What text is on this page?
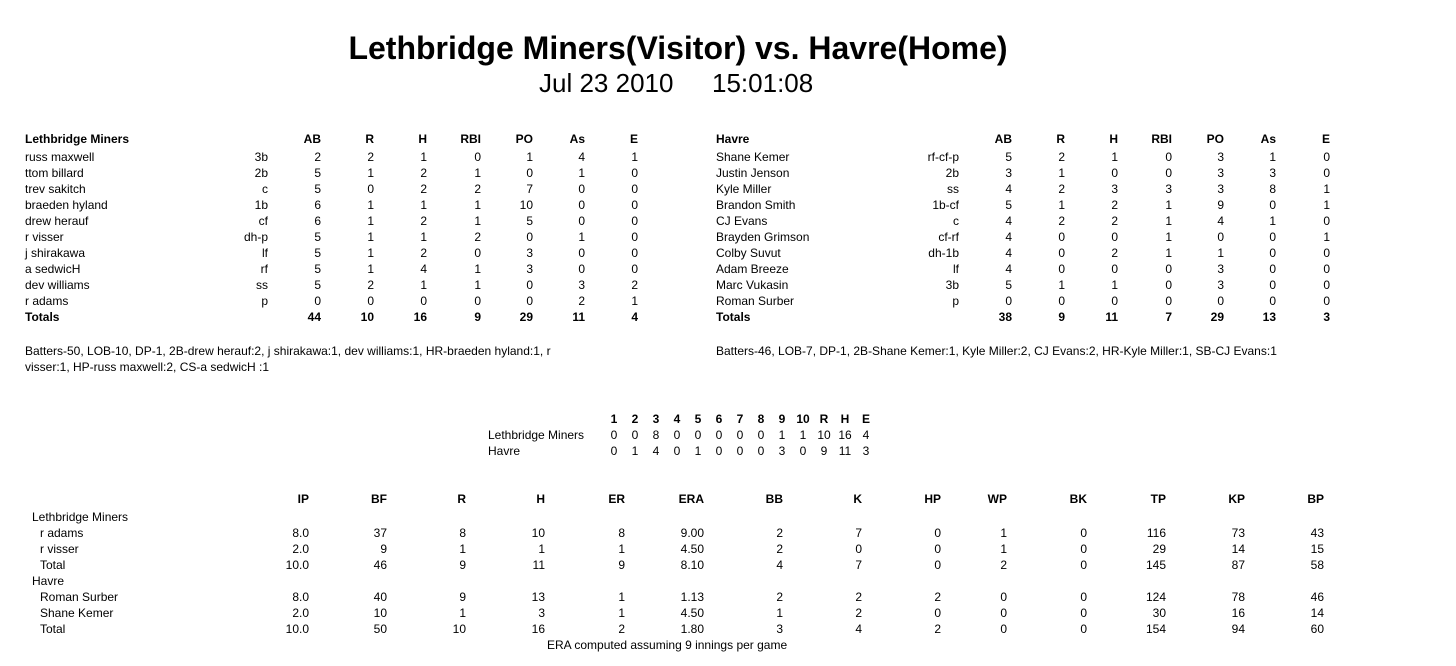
Lethbridge Miners(Visitor) vs. Havre(Home)
Jul 23 2010 15:01:08
Lethbridge Miners	AB	R	H	RBI	PO	As	E
russ maxwell	3b	2	2	1	0	1	4	1
ttom billard	2b	5	1	2	1	0	1	0
trev sakitch	c	5	0	2	2	7	0	0
braeden hyland	1b	6	1	1	1	10	0	0
drew herauf	cf	6	1	2	1	5	0	0
r visser	dh-p	5	1	1	2	0	1	0
j shirakawa	lf	5	1	2	0	3	0	0
a sedwicH	rf	5	1	4	1	3	0	0
dev williams	ss	5	2	1	1	0	3	2
r adams	p	0	0	0	0	0	2	1
Totals	44	10	16	9	29	11	4
Havre	AB	R	H	RBI	PO	As	E
Shane Kemer	rf-cf-p	5	2	1	0	3	1	0
Justin Jenson	2b	3	1	0	0	3	3	0
Kyle Miller	ss	4	2	3	3	3	8	1
Brandon Smith	1b-cf	5	1	2	1	9	0	1
CJ Evans	c	4	2	2	1	4	1	0
Brayden Grimson	cf-rf	4	0	0	1	0	0	1
Colby Suvut	dh-1b	4	0	2	1	1	0	0
Adam Breeze	lf	4	0	0	0	3	0	0
Marc Vukasin	3b	5	1	1	0	3	0	0
Roman Surber	p	0	0	0	0	0	0	0
Totals	38	9	11	7	29	13	3
Batters-50, LOB-10, DP-1, 2B-drew herauf:2, j shirakawa:1, dev williams:1, HR-braeden hyland:1, r
visser:1, HP-russ maxwell:2, CS-a sedwicH :1
Batters-46, LOB-7, DP-1, 2B-Shane Kemer:1, Kyle Miller:2, CJ Evans:2, HR-Kyle Miller:1, SB-CJ Evans:1
1	2	3	4	5	6	7	8	9 10 R	H	E
Lethbridge Miners	0	0	8	0	0	0	0	0	1	1 10 16 4
Havre	0	1	4	0	1	0	0	0	3	0	9 11 3
IP	BF	R	H	ER	ERA	BB	K	HP	WP	BK	TP	KP	BP
Lethbridge Miners
r adams	8.0	37	8	10	8	9.00	2	7	0	1	0	116	73	43
r visser	2.0	9	1	1	1	4.50	2	0	0	1	0	29	14	15
Total	10.0	46	9	11	9	8.10	4	7	0	2	0	145	87	58
Havre
Roman Surber	8.0	40	9	13	1	1.13	2	2	2	0	0	124	78	46
Shane Kemer	2.0	10	1	3	1	4.50	1	2	0	0	0	30	16	14
Total	10.0	50	10	16	2	1.80	3	4	2	0	0	154	94	60
ERA computed assuming 9 innings per game
